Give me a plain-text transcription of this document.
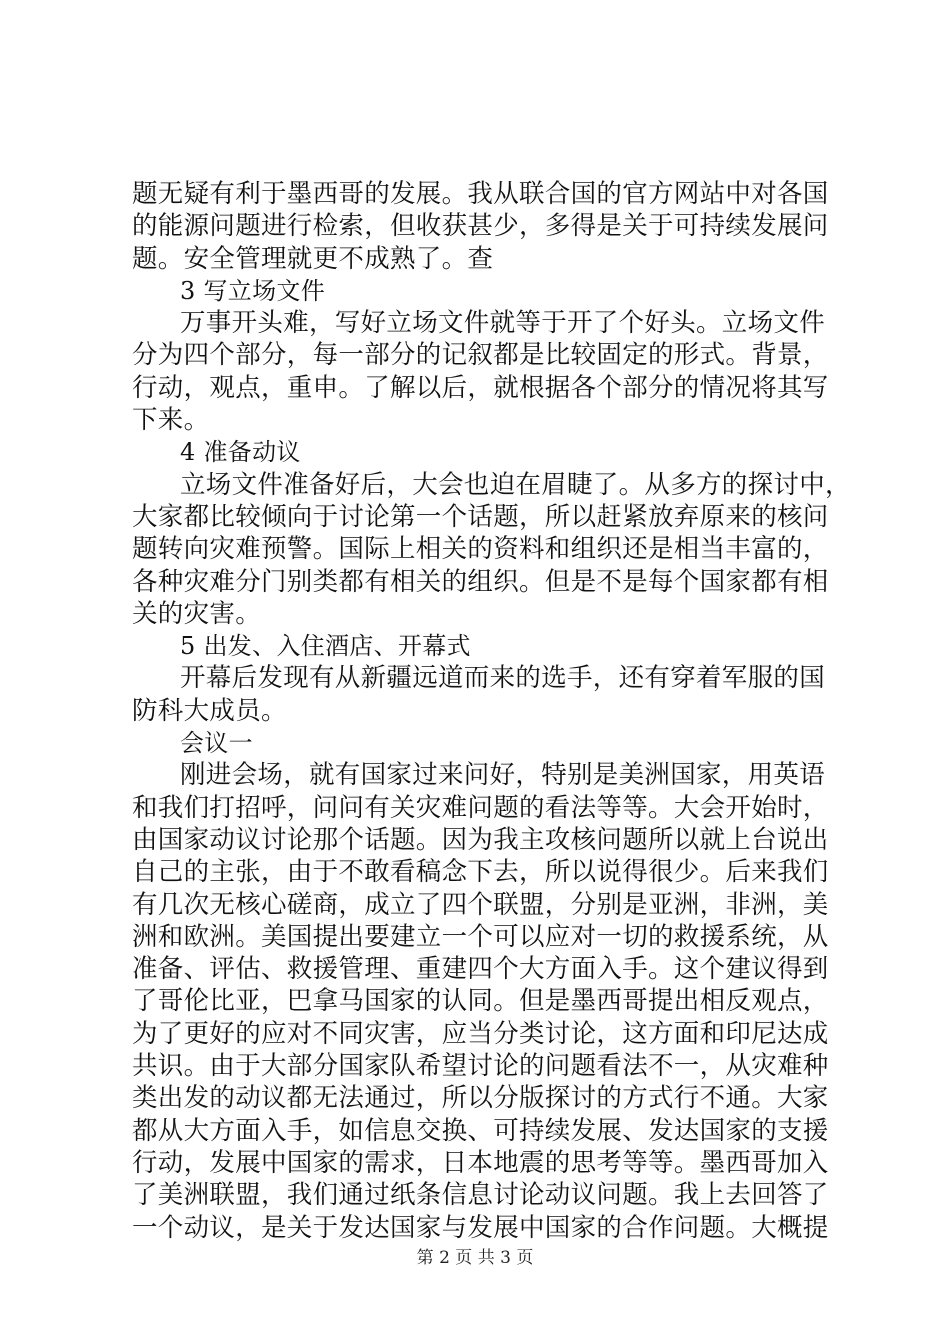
题无疑有利于墨西哥的发展。我从联合国的官方网站中对各国
的能源问题进行检索，但收获甚少，多得是关于可持续发展问
题。安全管理就更不成熟了。查
3 写立场文件
万事开头难，写好立场文件就等于开了个好头。立场文件
分为四个部分，每一部分的记叙都是比较固定的形式。背景，
行动，观点，重申。了解以后，就根据各个部分的情况将其写
下来。
4 准备动议
立场文件准备好后，大会也迫在眉睫了。从多方的探讨中，
大家都比较倾向于讨论第一个话题，所以赶紧放弃原来的核问
题转向灾难预警。国际上相关的资料和组织还是相当丰富的，
各种灾难分门别类都有相关的组织。但是不是每个国家都有相
关的灾害。
5 出发、入住酒店、开幕式
开幕后发现有从新疆远道而来的选手，还有穿着军服的国
防科大成员。
会议一
刚进会场，就有国家过来问好，特别是美洲国家，用英语
和我们打招呼，问问有关灾难问题的看法等等。大会开始时，
由国家动议讨论那个话题。因为我主攻核问题所以就上台说出
自己的主张，由于不敢看稿念下去，所以说得很少。后来我们
有几次无核心磋商，成立了四个联盟，分别是亚洲，非洲，美
洲和欧洲。美国提出要建立一个可以应对一切的救援系统，从
准备、评估、救援管理、重建四个大方面入手。这个建议得到
了哥伦比亚，巴拿马国家的认同。但是墨西哥提出相反观点，
为了更好的应对不同灾害，应当分类讨论，这方面和印尼达成
共识。由于大部分国家队希望讨论的问题看法不一，从灾难种
类出发的动议都无法通过，所以分版探讨的方式行不通。大家
都从大方面入手，如信息交换、可持续发展、发达国家的支援
行动，发展中国家的需求，日本地震的思考等等。墨西哥加入
了美洲联盟，我们通过纸条信息讨论动议问题。我上去回答了
一个动议，是关于发达国家与发展中国家的合作问题。大概提
第 2 页 共 3 页
